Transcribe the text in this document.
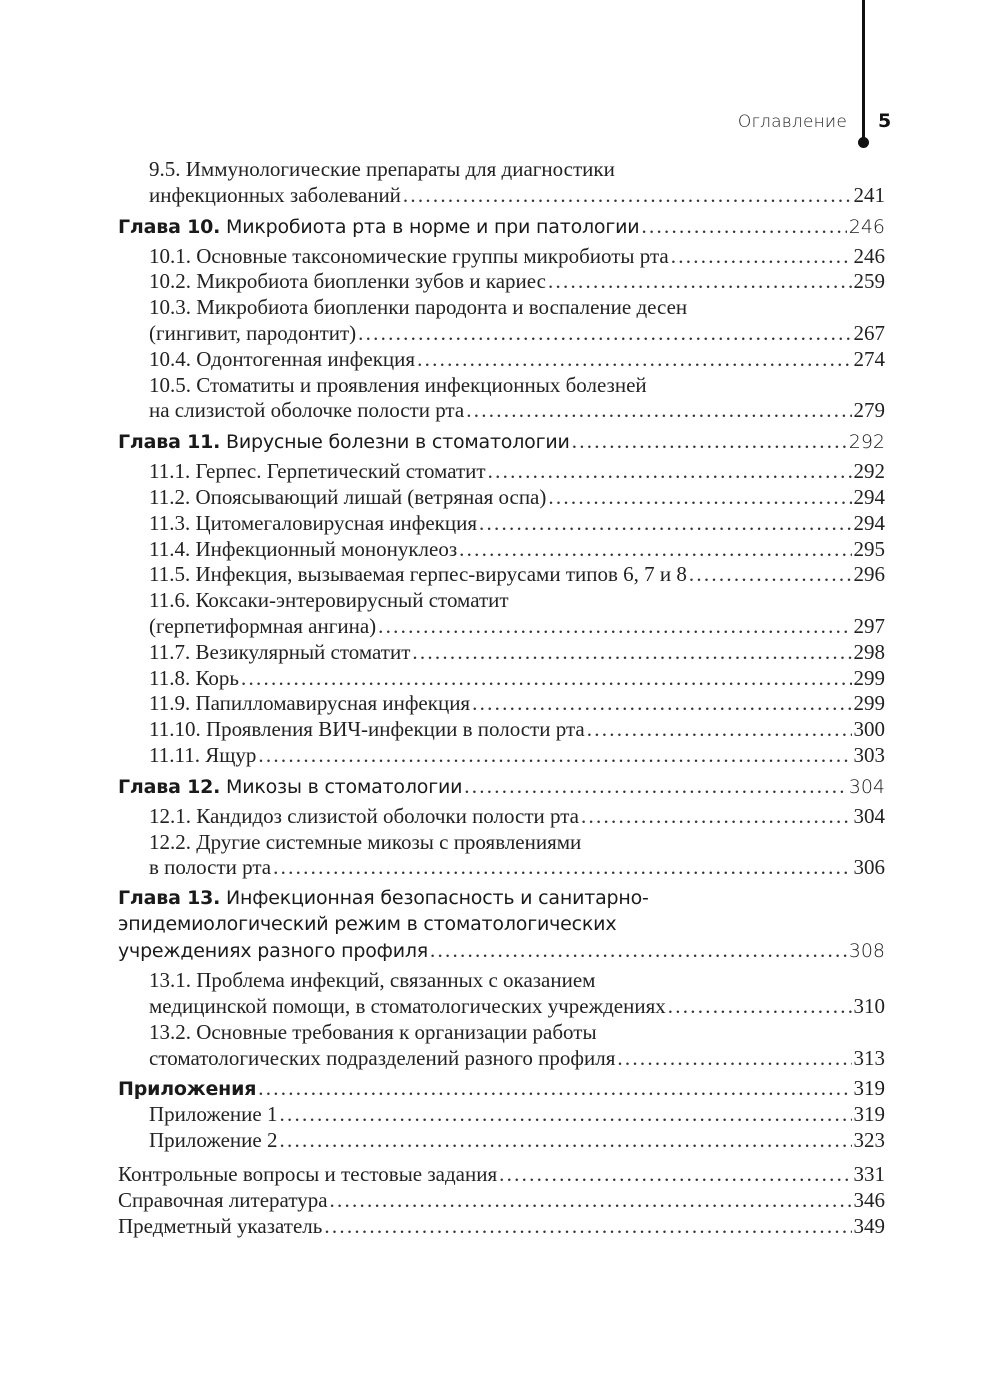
Оглавление 5
9.5. Иммунологические препараты для диагностики
инфекционных заболеваний . . .	241
Глава 10. Микробиота рта в норме и при патологии . . .	246
10.1. Основные таксономические группы микробиоты рта . . .	246
10.2. Микробиота биопленки зубов и кариес . . .	259
10.3. Микробиота биопленки пародонта и воспаление десен
(гингивит, пародонтит) . . .	267
10.4. Одонтогенная инфекция . . .	274
10.5. Стоматиты и проявления инфекционных болезней
на слизистой оболочке полости рта . . .	279
Глава 11. Вирусные болезни в стоматологии . . .	292
11.1. Герпес. Герпетический стоматит . . .	292
11.2. Опоясывающий лишай (ветряная оспа) . . .	294
11.3. Цитомегаловирусная инфекция . . .	294
11.4. Инфекционный мононуклеоз . . .	295
11.5. Инфекция, вызываемая герпес-вирусами типов 6, 7 и 8 . . .	296
11.6. Коксаки-энтеровирусный стоматит
(герпетиформная ангина) . . .	297
11.7. Везикулярный стоматит . . .	298
11.8. Корь . . .	299
11.9. Папилломавирусная инфекция . . .	299
11.10. Проявления ВИЧ-инфекции в полости рта . . .	300
11.11. Ящур . . .	303
Глава 12. Микозы в стоматологии . . .	304
12.1. Кандидоз слизистой оболочки полости рта . . .	304
12.2. Другие системные микозы с проявлениями
в полости рта . . .	306
Глава 13. Инфекционная безопасность и санитарно-
эпидемиологический режим в стоматологических
учреждениях разного профиля . . .	308
13.1. Проблема инфекций, связанных с оказанием
медицинской помощи, в стоматологических учреждениях . . .	310
13.2. Основные требования к организации работы
стоматологических подразделений разного профиля . . .	313
Приложения . . .	319
Приложение 1 . . .	319
Приложение 2 . . .	323
Контрольные вопросы и тестовые задания . . .	331
Справочная литература . . .	346
Предметный указатель . . .	349
